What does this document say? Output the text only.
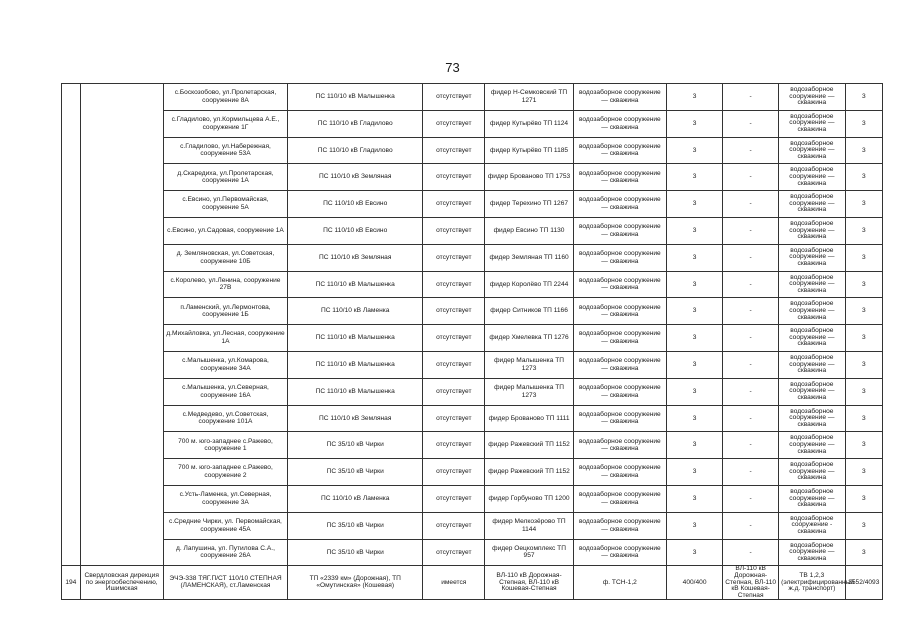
73
		с.Боскозобово, ул.Пролетарская, сооружение 8А	ПС 110/10 кВ Малышенка	отсутствует	фидер Н-Семковский ТП 1271	водозаборное сооружение — скважина	3	-	водозаборное сооружение — скважина	3
		с.Гладилово, ул.Кормильцева А.Е., сооружение 1Г	ПС 110/10 кВ Гладилово	отсутствует	фидер Кутырёво ТП 1124	водозаборное сооружение — скважина	3	-	водозаборное сооружение — скважина	3
		с.Гладилово, ул.Набережная, сооружение 53А	ПС 110/10 кВ Гладилово	отсутствует	фидер Кутырёво ТП 1185	водозаборное сооружение — скважина	3	-	водозаборное сооружение — скважина	3
		д.Скаредиха, ул.Пролетарская, сооружение 1А	ПС 110/10 кВ Земляная	отсутствует	фидер Брованово ТП 1753	водозаборное сооружение — скважина	3	-	водозаборное сооружение — скважина	3
		с.Евсино, ул.Первомайская, сооружение 5А	ПС 110/10 кВ Евсино	отсутствует	фидер Терехино ТП 1267	водозаборное сооружение — скважина	3	-	водозаборное сооружение — скважина	3
		с.Евсино, ул.Садовая, сооружение 1А	ПС 110/10 кВ Евсино	отсутствует	фидер Евсино ТП 1130	водозаборное сооружение — скважина	3	-	водозаборное сооружение — скважина	3
		д. Земляновская, ул.Советская, сооружение 10Б	ПС 110/10 кВ Земляная	отсутствует	фидер Земляная ТП 1160	водозаборное сооружение — скважина	3	-	водозаборное сооружение — скважина	3
		с.Королево, ул.Ленина, сооружение 27В	ПС 110/10 кВ Малышенка	отсутствует	фидер Королёво ТП 2244	водозаборное сооружение — скважина	3	-	водозаборное сооружение — скважина	3
		п.Ламенский, ул.Лермонтова, сооружение 1Б	ПС 110/10 кВ Ламенка	отсутствует	фидер Ситников ТП 1166	водозаборное сооружение — скважина	3	-	водозаборное сооружение — скважина	3
		д.Михайловка, ул.Лесная, сооружение 1А	ПС 110/10 кВ Малышенка	отсутствует	фидер Хмелевка ТП 1276	водозаборное сооружение — скважина	3	-	водозаборное сооружение — скважина	3
		с.Малышенка, ул.Комарова, сооружение 34А	ПС 110/10 кВ Малышенка	отсутствует	фидер Малышенка ТП 1273	водозаборное сооружение — скважина	3	-	водозаборное сооружение — скважина	3
		с.Малышенка, ул.Северная, сооружение 16А	ПС 110/10 кВ Малышенка	отсутствует	фидер Малышенка ТП 1273	водозаборное сооружение — скважина	3	-	водозаборное сооружение — скважина	3
		с.Медведево, ул.Советская, сооружение 101А	ПС 110/10 кВ Земляная	отсутствует	фидер Брованово ТП 1111	водозаборное сооружение — скважина	3	-	водозаборное сооружение — скважина	3
		700 м. юго-западнее с.Ражево, сооружение 1	ПС 35/10 кВ Чирки	отсутствует	фидер Ражевский ТП 1152	водозаборное сооружение — скважина	3	-	водозаборное сооружение — скважина	3
		700 м. юго-западнее с.Ражево, сооружение 2	ПС 35/10 кВ Чирки	отсутствует	фидер Ражевский ТП 1152	водозаборное сооружение — скважина	3	-	водозаборное сооружение — скважина	3
		с.Усть-Ламенка, ул.Северная, сооружение 3А	ПС 110/10 кВ Ламенка	отсутствует	фидер Горбуново ТП 1200	водозаборное сооружение — скважина	3	-	водозаборное сооружение — скважина	3
		с.Средние Чирки, ул. Первомайская, сооружение 45А	ПС 35/10 кВ Чирки	отсутствует	фидер Мелкозёрово ТП 1144	водозаборное сооружение — скважина	3	-	водозаборное сооружение - скважина	3
		д. Лапушина, ул. Путилова С.А., сооружение 26А	ПС 35/10 кВ Чирки	отсутствует	фидер Оецкомплекс ТП 957	водозаборное сооружение — скважина	3	-	водозаборное сооружение — скважина	3
194	Свердловская дирекция по энергообеспечению, Ишимская	ЭЧЭ-338 ТЯГ.П/СТ 110/10 СТЕПНАЯ (ЛАМЕНСКАЯ), ст.Ламенская	ТП «2339 км» (Дорожная), ТП «Омутинская» (Кошевая)	имеется	ВЛ-110 кВ Дорожная-Степная, ВЛ-110 кВ Кошевая-Степная	ф. ТСН-1,2	400/400	ВЛ-110 кВ Дорожная-Степная, ВЛ-110 кВ Кошевая-Степная	ТВ 1,2,3 (электрифицированный ж.д. транспорт)	3552/4093
